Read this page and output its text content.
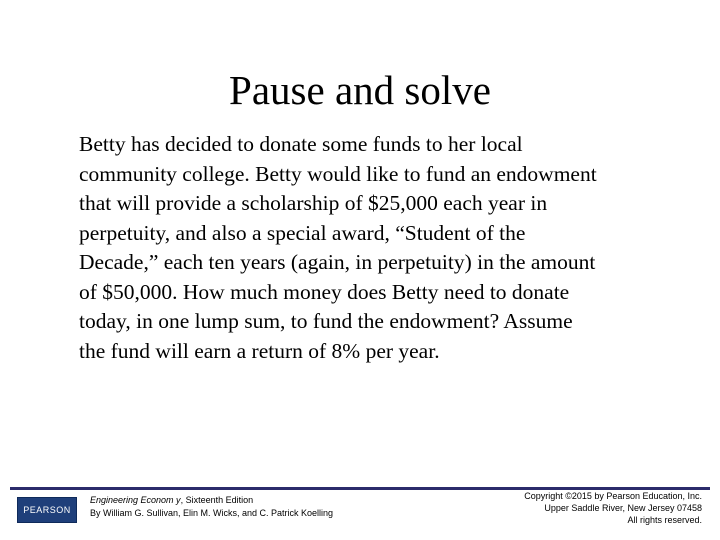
Pause and solve
Betty has decided to donate some funds to her local
community college. Betty would like to fund an endowment
that will provide a scholarship of $25,000 each year in
perpetuity, and also a special award, “Student of the
Decade,” each ten years (again, in perpetuity) in the amount
of $50,000. How much money does Betty need to donate
today, in one lump sum, to fund the endowment? Assume
the fund will earn a return of 8% per year.
PEARSON
Engineering Econom y, Sixteenth Edition
By William G. Sullivan, Elin M. Wicks, and C. Patrick Koelling
Copyright ©2015 by Pearson Education, Inc.
Upper Saddle River, New Jersey 07458
All rights reserved.
